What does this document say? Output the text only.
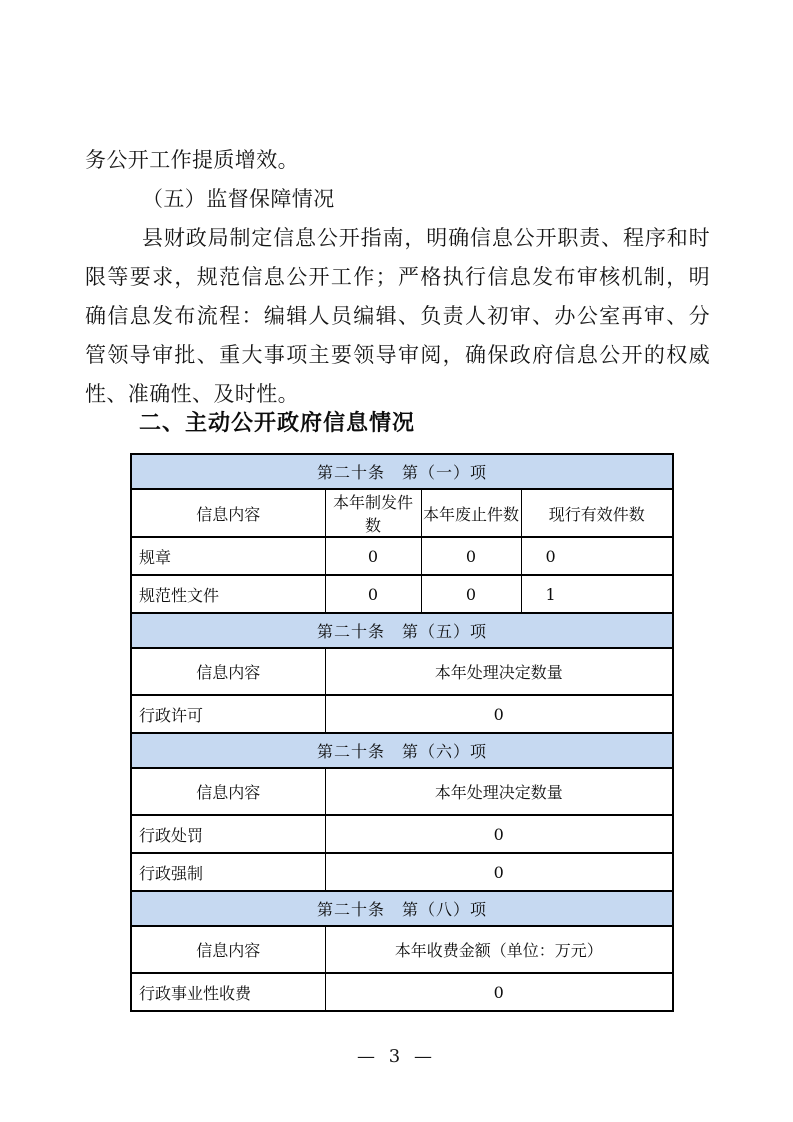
务公开工作提质增效。
（五）监督保障情况
县财政局制定信息公开指南，明确信息公开职责、程序和时
限等要求，规范信息公开工作；严格执行信息发布审核机制，明
确信息发布流程：编辑人员编辑、负责人初审、办公室再审、分
管领导审批、重大事项主要领导审阅，确保政府信息公开的权威
性、准确性、及时性。
二、主动公开政府信息情况
第二十条　第（一）项			
信息内容	本年制发件数	本年废止件数	现行有效件数
规章	0	0	0
规范性文件	0	0	1
第二十条　第（五）项			
信息内容	本年处理决定数量		
行政许可	0		
第二十条　第（六）项			
信息内容	本年处理决定数量		
行政处罚	0		
行政强制	0		
第二十条　第（八）项			
信息内容	本年收费金额（单位：万元）		
行政事业性收费	0		
— 3 —
